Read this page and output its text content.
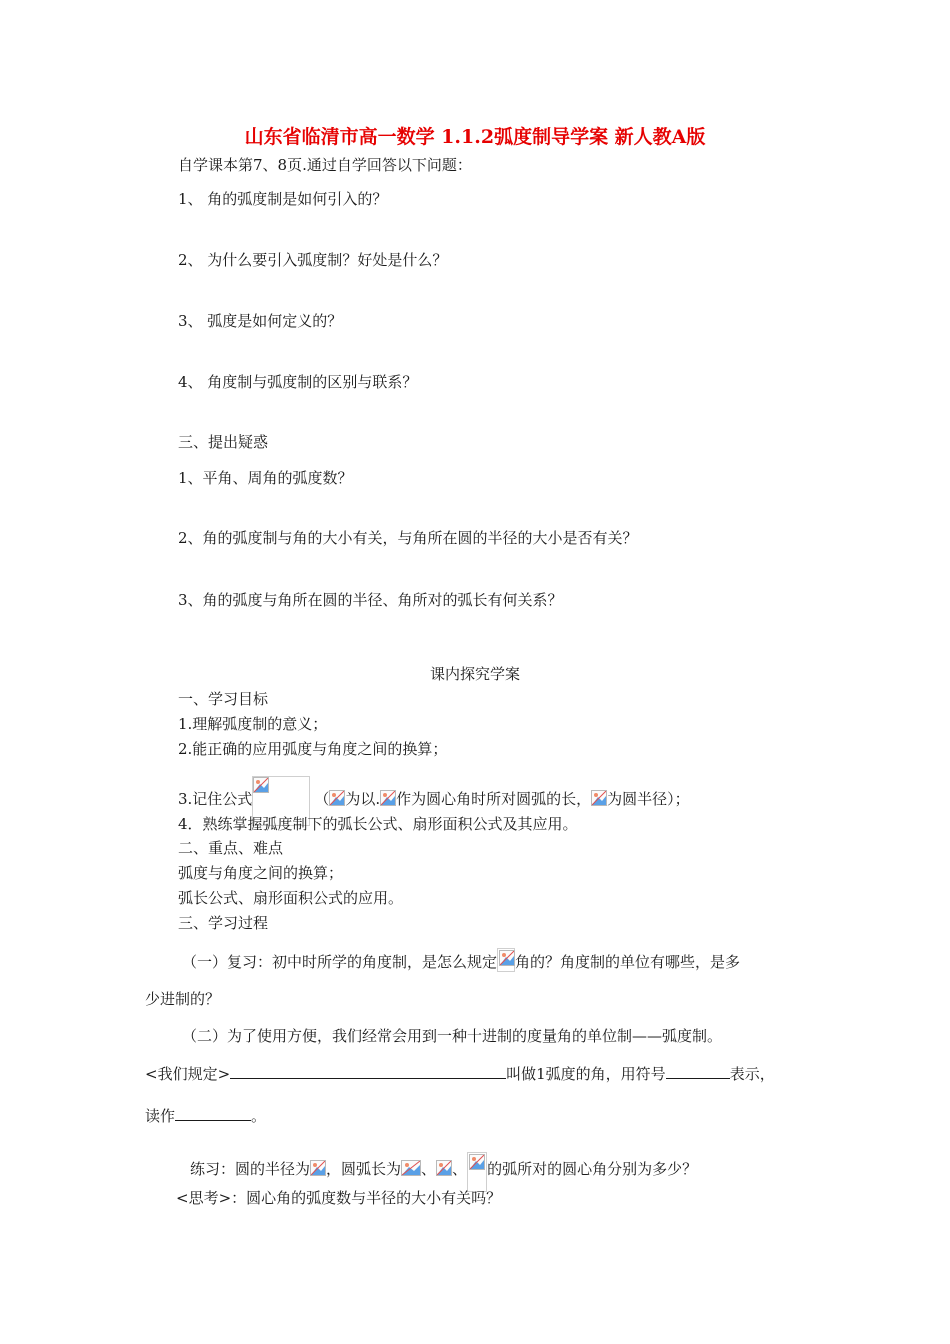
山东省临清市高一数学 1.1.2弧度制导学案 新人教A版
自学课本第7、8页.通过自学回答以下问题：
1、 角的弧度制是如何引入的？
2、 为什么要引入弧度制？好处是什么？
3、 弧度是如何定义的？
4、 角度制与弧度制的区别与联系？
三、提出疑惑
1、平角、周角的弧度数？
2、角的弧度制与角的大小有关，与角所在圆的半径的大小是否有关？
3、角的弧度与角所在圆的半径、角所对的弧长有何关系？
课内探究学案
一、学习目标
1.理解弧度制的意义；
2.能正确的应用弧度与角度之间的换算；
3.记住公式	（ 为以. 作为圆心角时所对圆弧的长， 为圆半径）；
4．熟练掌握弧度制下的弧长公式、扇形面积公式及其应用。
二、重点、难点
弧度与角度之间的换算；
弧长公式、扇形面积公式的应用。
三、学习过程
（一）复习：初中时所学的角度制，是怎么规定 角的？角度制的单位有哪些，是多
少进制的？
（二）为了使用方便，我们经常会用到一种十进制的度量角的单位制——弧度制。
<我们规定>	叫做1弧度的角，用符号	表示，
读作	。
练习：圆的半径为 ，圆弧长为 、 、 的弧所对的圆心角分别为多少？
<思考>：圆心角的弧度数与半径的大小有关吗？
